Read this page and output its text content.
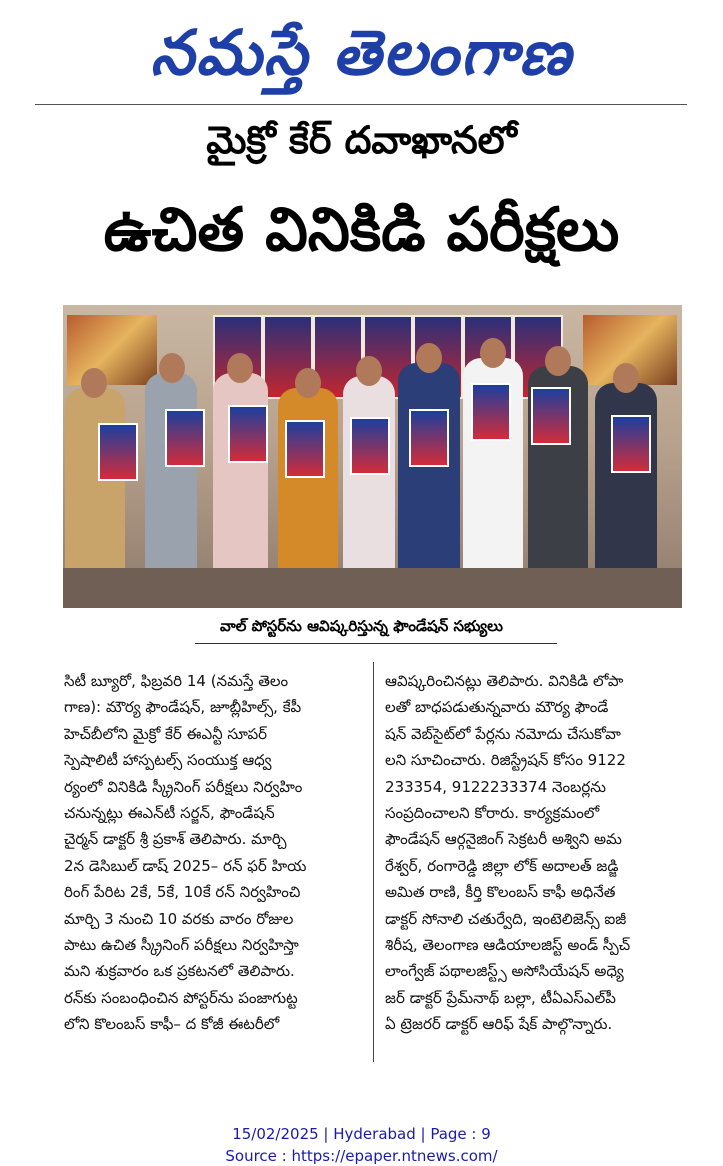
నమస్తే తెలంగాణ
మైక్రో కేర్ దవాఖానలో
ఉచిత వినికిడి పరీక్షలు
వాల్ పోస్టర్‌ను ఆవిష్కరిస్తున్న ఫౌండేషన్ సభ్యులు
సిటీ బ్యూరో, ఫిబ్రవరి 14 (నమస్తే తెలం
గాణ): మౌర్య ఫౌండేషన్, జూబ్లీహిల్స్, కేపీ
హెచ్‌బీలోని మైక్రో కేర్ ఈఎన్టీ సూపర్
స్పెషాలిటీ హాస్పటల్స్ సంయుక్త ఆధ్వ
ర్యంలో వినికిడి స్క్రీనింగ్ పరీక్షలు నిర్వహిం
చనున్నట్లు ఈఎన్‌టీ సర్జన్, ఫౌండేషన్
చైర్మన్ డాక్టర్ శ్రీ ప్రకాశ్ తెలిపారు. మార్చి
2న డెసిబుల్ డాష్ 2025– రన్ ఫర్ హియ
రింగ్ పేరిట 2కే, 5కే, 10కే రన్ నిర్వహించి
మార్చి 3 నుంచి 10 వరకు వారం రోజుల
పాటు ఉచిత స్క్రీనింగ్ పరీక్షలు నిర్వహిస్తా
మని శుక్రవారం ఒక ప్రకటనలో తెలిపారు.
రన్‌కు సంబంధించిన పోస్టర్‌ను పంజాగుట్ట
లోని కొలంబస్ కాఫీ– ద కోజీ ఈటరీలో
ఆవిష్కరించినట్లు తెలిపారు. వినికిడి లోపా
లతో బాధపడుతున్నవారు మౌర్య ఫౌండే
షన్ వెబ్‌సైట్‌లో పేర్లను నమోదు చేసుకోవా
లని సూచించారు. రిజిస్ట్రేషన్ కోసం 9122
233354, 9122233374 నెంబర్లను
సంప్రదించాలని కోరారు. కార్యక్రమంలో
ఫౌండేషన్ ఆర్గనైజింగ్ సెక్రటరీ అశ్విని అమ
రేశ్వర్, రంగారెడ్డి జిల్లా లోక్ అదాలత్ జడ్జి
అమిత రాణి, కీర్తి కొలంబస్ కాఫీ అధినేత
డాక్టర్ సోనాలి చతుర్వేది, ఇంటెలిజెన్స్ ఐజీ
శిరీష, తెలంగాణ ఆడియాలజిస్ట్ అండ్ స్పీచ్
లాంగ్వేజ్ పథాలజిస్ట్స్ అసోసియేషన్ అధ్యె
జర్ డాక్టర్ ప్రేమ్‌నాథ్ బల్లా, టీఏఎస్‌ఎల్‌పీ
ఏ ట్రెజరర్ డాక్టర్ ఆరిఫ్ షేక్ పాల్గొన్నారు.
15/02/2025 | Hyderabad | Page : 9
Source : https://epaper.ntnews.com/
